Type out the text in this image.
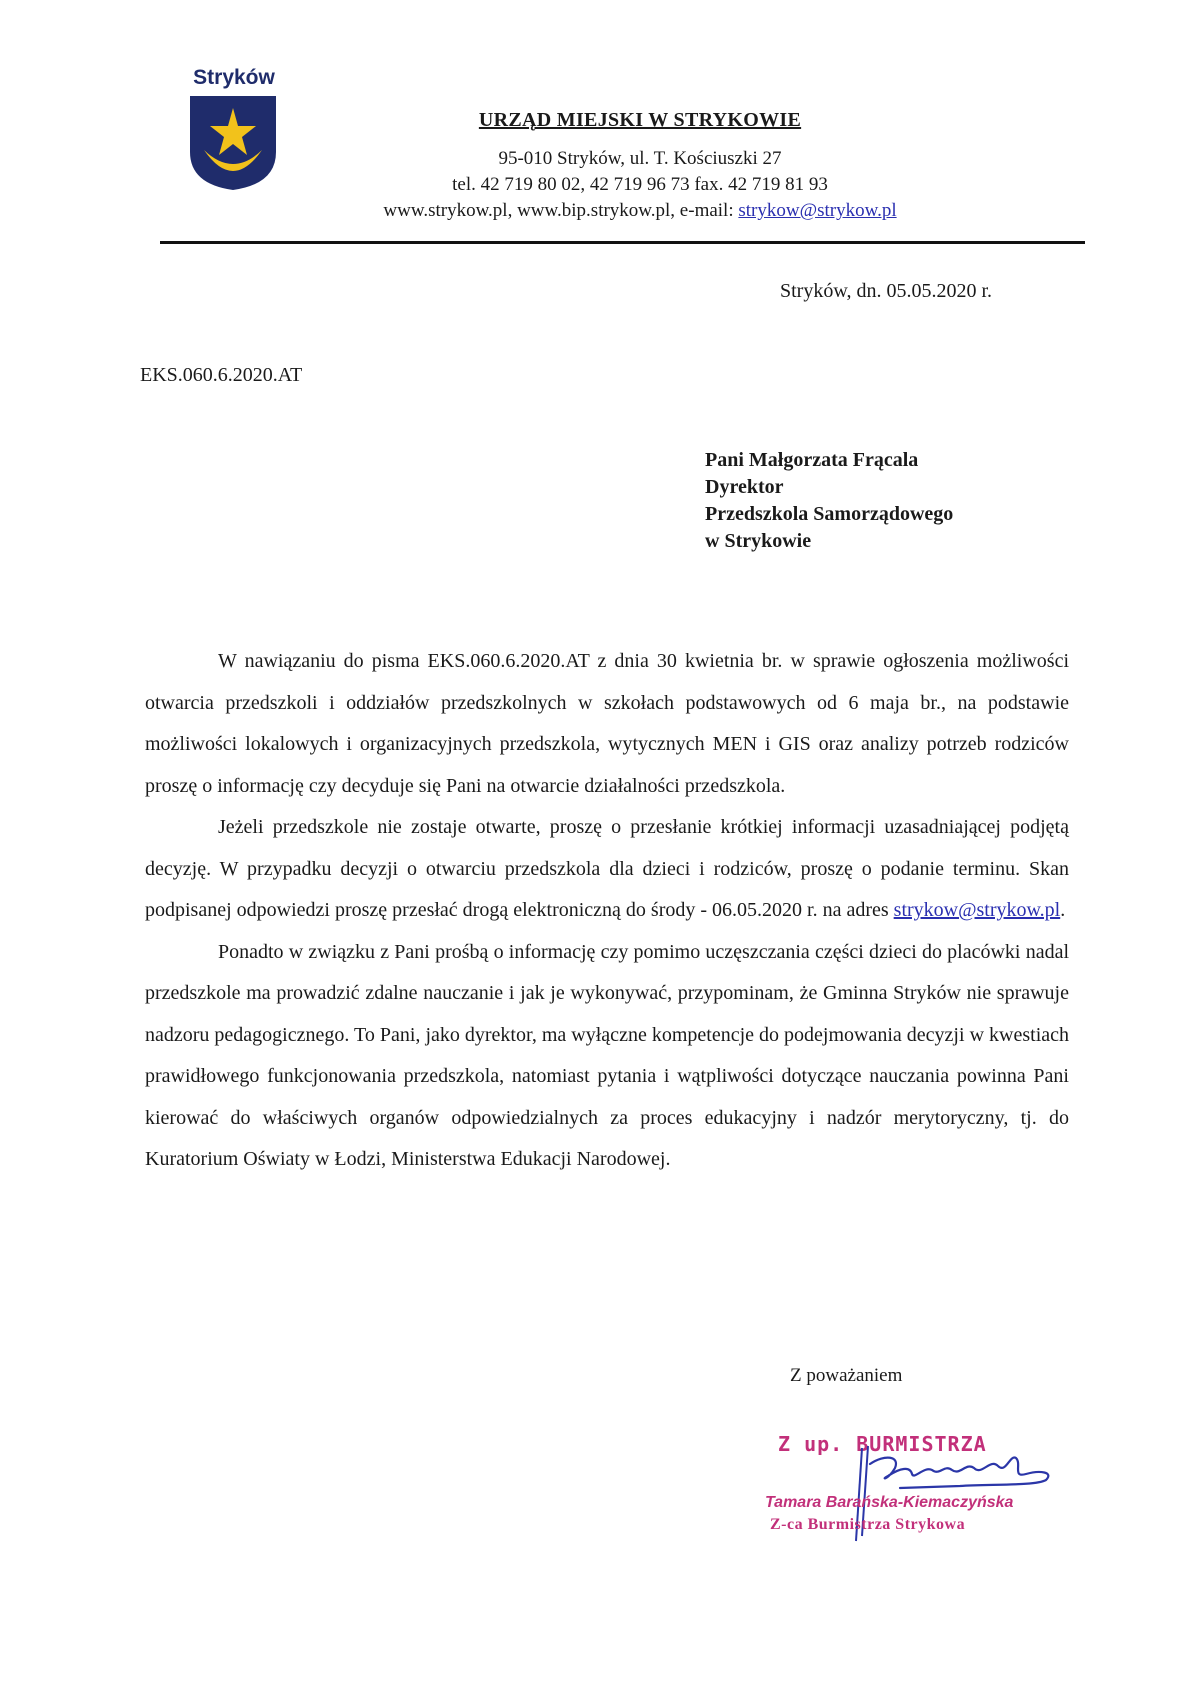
Stryków
URZĄD MIEJSKI W STRYKOWIE
95-010 Stryków, ul. T. Kościuszki 27
tel. 42 719 80 02, 42 719 96 73 fax. 42 719 81 93
www.strykow.pl, www.bip.strykow.pl, e-mail: strykow@strykow.pl
Stryków, dn. 05.05.2020 r.
EKS.060.6.2020.AT
Pani Małgorzata Frącala
Dyrektor
Przedszkola Samorządowego
w Strykowie

W nawiązaniu do pisma EKS.060.6.2020.AT z dnia 30 kwietnia br. w sprawie ogłoszenia możliwości otwarcia przedszkoli i oddziałów przedszkolnych w szkołach podstawowych od 6 maja br., na podstawie możliwości lokalowych i organizacyjnych przedszkola, wytycznych MEN i GIS oraz analizy potrzeb rodziców proszę o informację czy decyduje się Pani na otwarcie działalności przedszkola.

Jeżeli przedszkole nie zostaje otwarte, proszę o przesłanie krótkiej informacji uzasadniającej podjętą decyzję. W przypadku decyzji o otwarciu przedszkola dla dzieci i rodziców, proszę o podanie terminu. Skan podpisanej odpowiedzi proszę przesłać drogą elektroniczną do środy - 06.05.2020 r. na adres strykow@strykow.pl.

Ponadto w związku z Pani prośbą o informację czy pomimo uczęszczania części dzieci do placówki nadal przedszkole ma prowadzić zdalne nauczanie i jak je wykonywać, przypominam, że Gminna Stryków nie sprawuje nadzoru pedagogicznego. To Pani, jako dyrektor, ma wyłączne kompetencje do podejmowania decyzji w kwestiach prawidłowego funkcjonowania przedszkola, natomiast pytania i wątpliwości dotyczące nauczania powinna Pani kierować do właściwych organów odpowiedzialnych za proces edukacyjny i nadzór merytoryczny, tj. do Kuratorium Oświaty w Łodzi, Ministerstwa Edukacji Narodowej.

Z poważaniem
Z up. BURMISTRZA
Tamara Barańska-Kiemaczyńska
Z-ca Burmistrza Strykowa
